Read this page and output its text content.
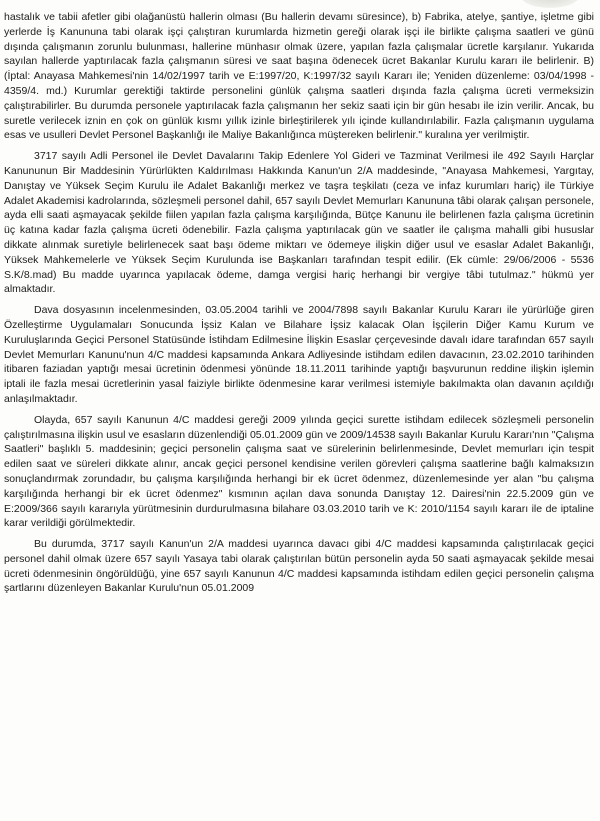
hastalık ve tabii afetler gibi olağanüstü hallerin olması (Bu hallerin devamı süresince), b) Fabrika, atelye, şantiye, işletme gibi yerlerde İş Kanununa tabi olarak işçi çalıştıran kurumlarda hizmetin gereği olarak işçi ile birlikte çalışma saatleri ve günü dışında çalışmanın zorunlu bulunması, hallerine münhasır olmak üzere, yapılan fazla çalışmalar ücretle karşılanır. Yukarıda sayılan hallerde yaptırılacak fazla çalışmanın süresi ve saat başına ödenecek ücret Bakanlar Kurulu kararı ile belirlenir. B) (İptal: Anayasa Mahkemesi'nin 14/02/1997 tarih ve E:1997/20, K:1997/32 sayılı Kararı ile; Yeniden düzenleme: 03/04/1998 - 4359/4. md.) Kurumlar gerektiği taktirde personelini günlük çalışma saatleri dışında fazla çalışma ücreti vermeksizin çalıştırabilirler. Bu durumda personele yaptırılacak fazla çalışmanın her sekiz saati için bir gün hesabı ile izin verilir. Ancak, bu suretle verilecek iznin en çok on günlük kısmı yıllık izinle birleştirilerek yılı içinde kullandırılabilir. Fazla çalışmanın uygulama esas ve usulleri Devlet Personel Başkanlığı ile Maliye Bakanlığınca müştereken belirlenir." kuralına yer verilmiştir.

3717 sayılı Adli Personel ile Devlet Davalarını Takip Edenlere Yol Gideri ve Tazminat Verilmesi ile 492 Sayılı Harçlar Kanununun Bir Maddesinin Yürürlükten Kaldırılması Hakkında Kanun'un 2/A maddesinde, "Anayasa Mahkemesi, Yargıtay, Danıştay ve Yüksek Seçim Kurulu ile Adalet Bakanlığı merkez ve taşra teşkilatı (ceza ve infaz kurumları hariç) ile Türkiye Adalet Akademisi kadrolarında, sözleşmeli personel dahil, 657 sayılı Devlet Memurları Kanununa tâbi olarak çalışan personele, ayda elli saati aşmayacak şekilde fiilen yapılan fazla çalışma karşılığında, Bütçe Kanunu ile belirlenen fazla çalışma ücretinin üç katına kadar fazla çalışma ücreti ödenebilir. Fazla çalışma yaptırılacak gün ve saatler ile çalışma mahalli gibi hususlar dikkate alınmak suretiyle belirlenecek saat başı ödeme miktarı ve ödemeye ilişkin diğer usul ve esaslar Adalet Bakanlığı, Yüksek Mahkemelerle ve Yüksek Seçim Kurulunda ise Başkanları tarafından tespit edilir. (Ek cümle: 29/06/2006 - 5536 S.K/8.mad) Bu madde uyarınca yapılacak ödeme, damga vergisi hariç herhangi bir vergiye tâbi tutulmaz." hükmü yer almaktadır.

Dava dosyasının incelenmesinden, 03.05.2004 tarihli ve 2004/7898 sayılı Bakanlar Kurulu Kararı ile yürürlüğe giren Özelleştirme Uygulamaları Sonucunda İşsiz Kalan ve Bilahare İşsiz kalacak Olan İşçilerin Diğer Kamu Kurum ve Kuruluşlarında Geçici Personel Statüsünde İstihdam Edilmesine İlişkin Esaslar çerçevesinde davalı idare tarafından 657 sayılı Devlet Memurları Kanunu'nun 4/C maddesi kapsamında Ankara Adliyesinde istihdam edilen davacının, 23.02.2010 tarihinden itibaren faziadan yaptığı mesai ücretinin ödenmesi yönünde 18.11.2011 tarihinde yaptığı başvurunun reddine ilişkin işlemin iptali ile fazla mesai ücretlerinin yasal faiziyle birlikte ödenmesine karar verilmesi istemiyle bakılmakta olan davanın açıldığı anlaşılmaktadır.

Olayda, 657 sayılı Kanunun 4/C maddesi gereği 2009 yılında geçici surette istihdam edilecek sözleşmeli personelin çalıştırılmasına ilişkin usul ve esasların düzenlendiği 05.01.2009 gün ve 2009/14538 sayılı Bakanlar Kurulu Kararı'nın "Çalışma Saatleri" başlıklı 5. maddesinin; geçici personelin çalışma saat ve sürelerinin belirlenmesinde, Devlet memurları için tespit edilen saat ve süreleri dikkate alınır, ancak geçici personel kendisine verilen görevleri çalışma saatlerine bağlı kalmaksızın sonuçlandırmak zorundadır, bu çalışma karşılığında herhangi bir ek ücret ödenmez, düzenlemesinde yer alan "bu çalışma karşılığında herhangi bir ek ücret ödenmez" kısmının açılan dava sonunda Danıştay 12. Dairesi'nin 22.5.2009 gün ve E:2009/366 sayılı kararıyla yürütmesinin durdurulmasına bilahare 03.03.2010 tarih ve K: 2010/1154 sayılı kararı ile de iptaline karar verildiği görülmektedir.

Bu durumda, 3717 sayılı Kanun'un 2/A maddesi uyarınca davacı gibi 4/C maddesi kapsamında çalıştırılacak geçici personel dahil olmak üzere 657 sayılı Yasaya tabi olarak çalıştırılan bütün personelin ayda 50 saati aşmayacak şekilde mesai ücreti ödenmesinin öngörüldüğü, yine 657 sayılı Kanunun 4/C maddesi kapsamında istihdam edilen geçici personelin çalışma şartlarını düzenleyen Bakanlar Kurulu'nun 05.01.2009
